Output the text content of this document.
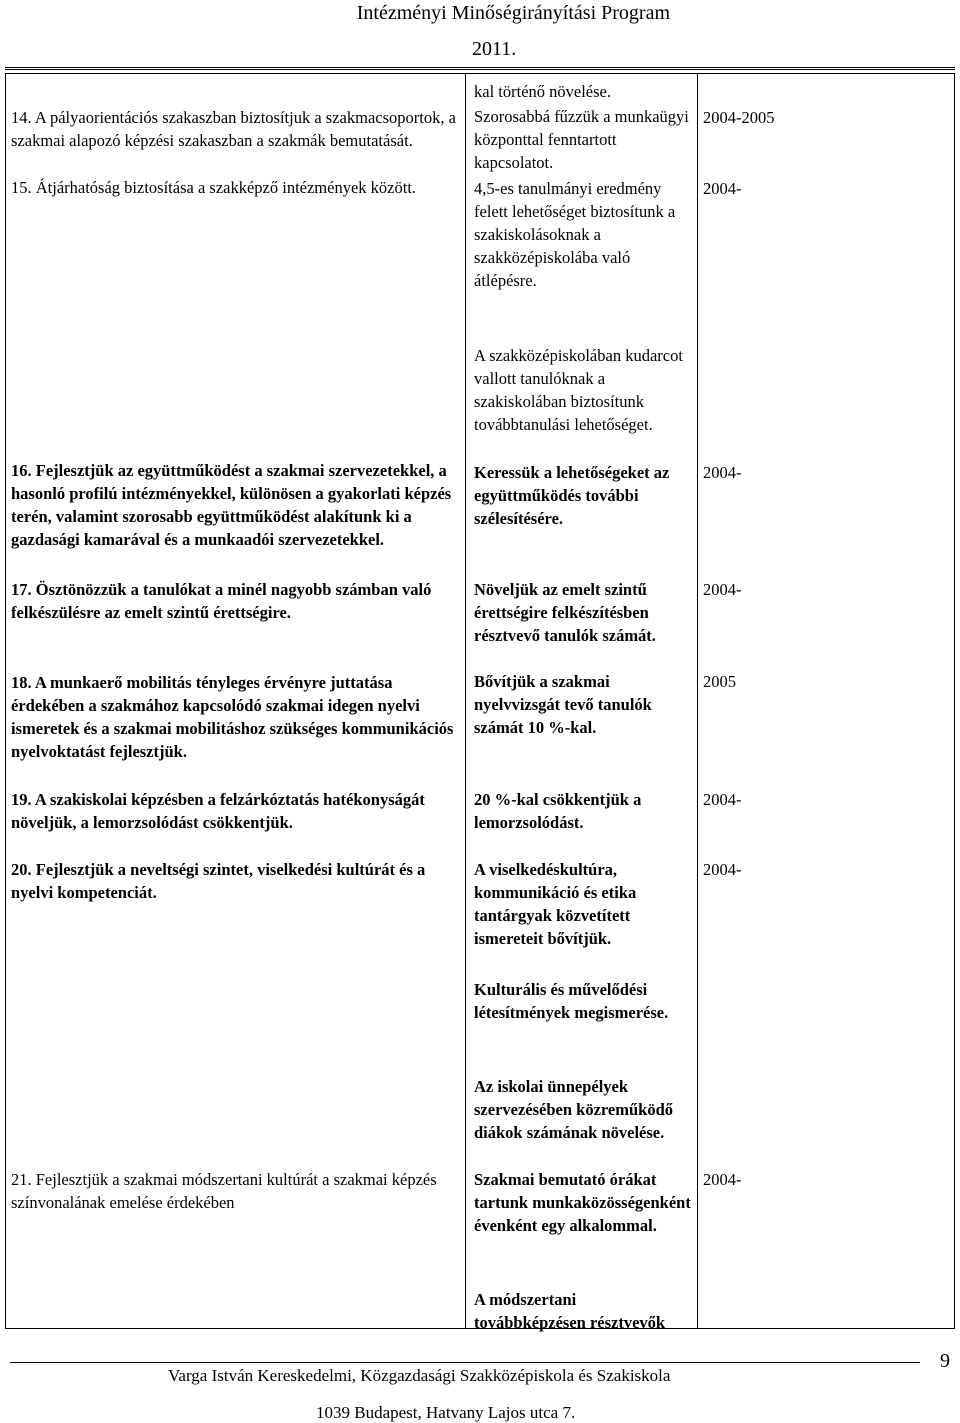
Intézményi Minőségirányítási Program
2011.
14. A pályaorientációs szakaszban biztosítjuk a szakmacsoportok, a szakmai alapozó képzési szakaszban a szakmák bemutatását.
15. Átjárhatóság biztosítása a szakképző intézmények között.
16. Fejlesztjük az együttműködést a szakmai szervezetekkel, a hasonló profilú intézményekkel, különösen a gyakorlati képzés terén, valamint szorosabb együttműködést alakítunk ki a gazdasági kamarával és a munkaadói szervezetekkel.
17. Ösztönözzük a tanulókat a minél nagyobb számban való felkészülésre az emelt szintű érettségire.
18. A munkaerő mobilitás tényleges érvényre juttatása érdekében a szakmához kapcsolódó szakmai idegen nyelvi ismeretek és a szakmai mobilitáshoz szükséges kommunikációs nyelvoktatást fejlesztjük.
19. A szakiskolai képzésben a felzárkóztatás hatékonyságát növeljük, a lemorzsolódást csökkentjük.
20. Fejlesztjük a neveltségi szintet, viselkedési kultúrát és a nyelvi kompetenciát.
21. Fejlesztjük a szakmai módszertani kultúrát a szakmai képzés színvonalának emelése érdekében
kal történő növelése.
Szorosabbá fűzzük a munkaügyi központtal fenntartott kapcsolatot.
4,5-es tanulmányi eredmény felett lehetőséget biztosítunk a szakiskolásoknak a szakközépiskolába való átlépésre.
A szakközépiskolában kudarcot vallott tanulóknak a szakiskolában biztosítunk továbbtanulási lehetőséget.
Keressük a lehetőségeket az együttműködés további szélesítésére.
Növeljük az emelt szintű érettségire felkészítésben résztvevő tanulók számát.
Bővítjük a szakmai nyelvvizsgát tevő tanulók számát 10 %-kal.
20 %-kal csökkentjük a lemorzsolódást.
A viselkedéskultúra, kommunikáció és etika tantárgyak közvetített ismereteit bővítjük.
Kulturális és művelődési létesítmények megismerése.
Az iskolai ünnepélyek szervezésében közreműködő diákok számának növelése.
Szakmai bemutató órákat tartunk munkaközösségenként évenként egy alkalommal.
A módszertani továbbképzésen résztvevők
2004-2005
2004-
2004-
2004-
2005
2004-
2004-
2004-
Varga István Kereskedelmi, Közgazdasági Szakközépiskola és Szakiskola
1039 Budapest, Hatvany Lajos utca 7.
9
